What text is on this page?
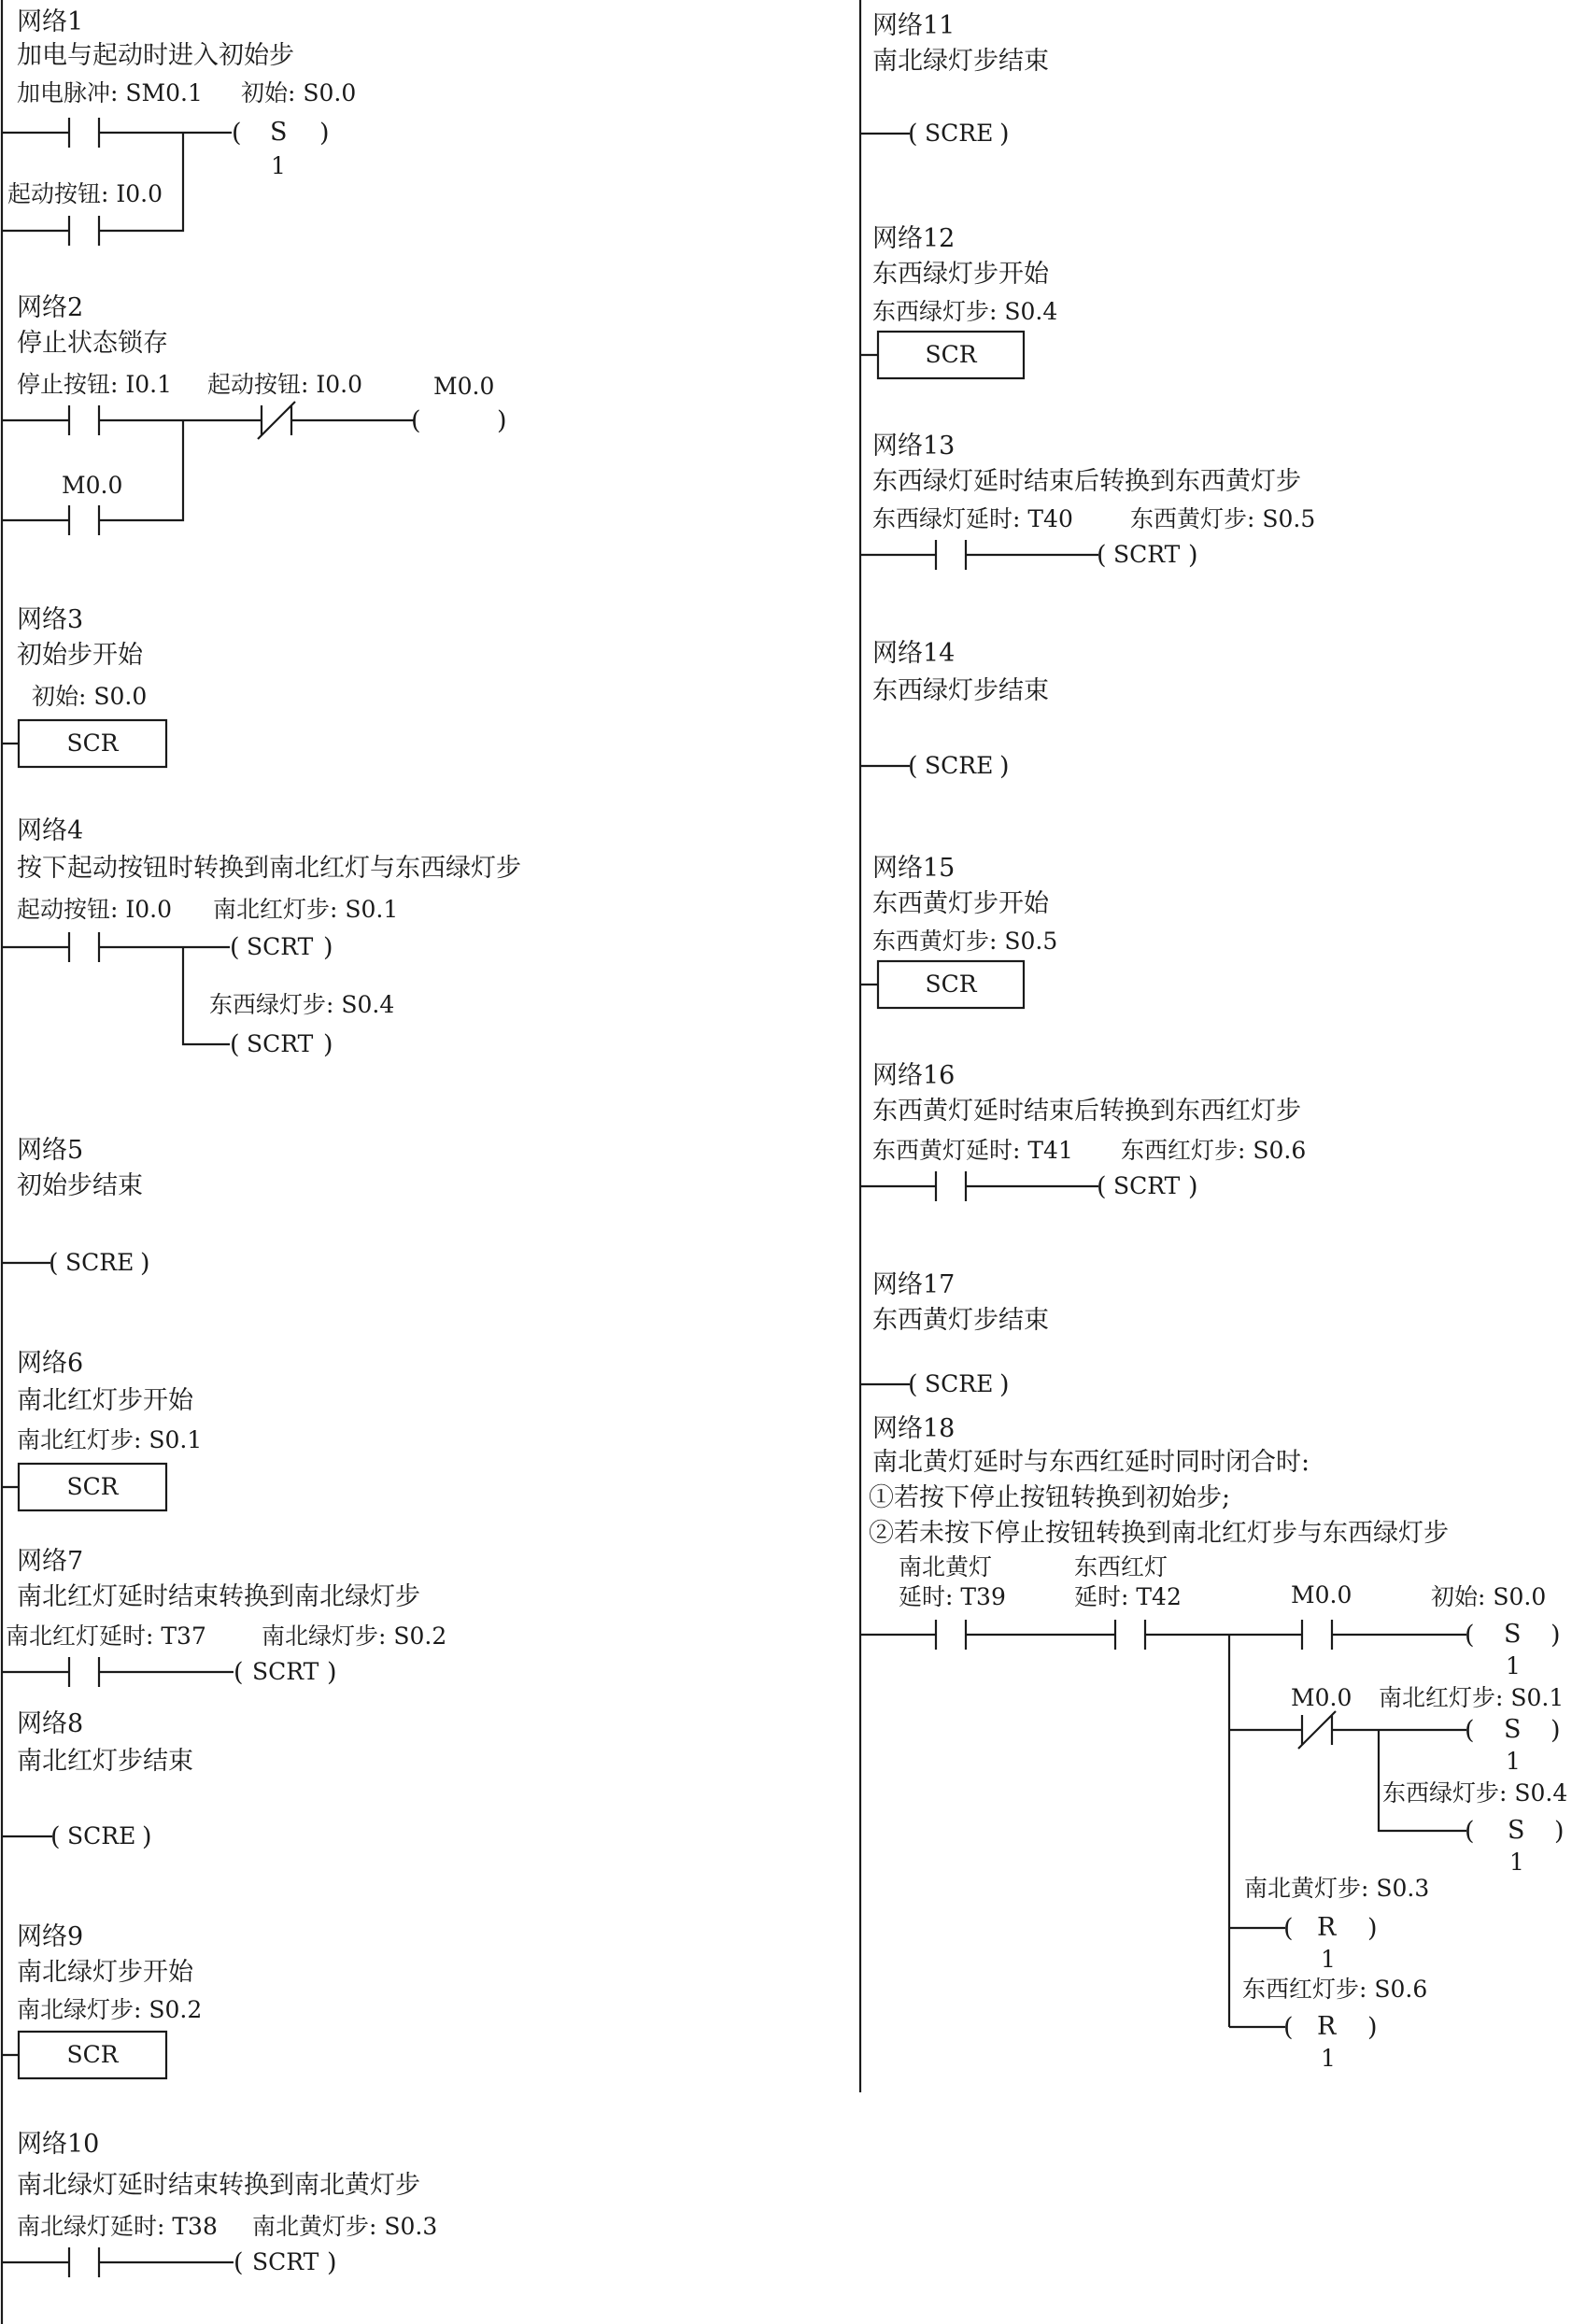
网络1
加电与起动时进入初始步
加电脉冲: SM0.1 初始: S0.0
起动按钮: I0.0
(	)
S
1
网络2
停止状态锁存
停止按钮: I0.1 起动按钮: I0.0	M0.0
M0.0
(	)
网络3
初始步开始
初始: S0.0
SCR
网络4
按下起动按钮时转换到南北红灯与东西绿灯步
起动按钮: I0.0 南北红灯步: S0.1
( SCRT )
东西绿灯步: S0.4
( SCRT )
网络5
初始步结束
( SCRE )
网络6
南北红灯步开始
南北红灯步: S0.1
SCR
网络7
南北红灯延时结束转换到南北绿灯步
南北红灯延时: T37 南北绿灯步: S0.2
( SCRT )
网络8
南北红灯步结束
( SCRE )
网络9
南北绿灯步开始
南北绿灯步: S0.2
SCR
网络10
南北绿灯延时结束转换到南北黄灯步
南北绿灯延时: T38 南北黄灯步: S0.3
( SCRT )
网络11
南北绿灯步结束
( SCRE )
网络12
东西绿灯步开始
东西绿灯步: S0.4
SCR
网络13
东西绿灯延时结束后转换到东西黄灯步
东西绿灯延时: T40 东西黄灯步: S0.5
( SCRT )
网络14
东西绿灯步结束
( SCRE )
网络15
东西黄灯步开始
东西黄灯步: S0.5
SCR
网络16
东西黄灯延时结束后转换到东西红灯步
东西黄灯延时: T41 东西红灯步: S0.6
( SCRT )
网络17
东西黄灯步结束
( SCRE )
网络18
南北黄灯延时与东西红延时同时闭合时:
①若按下停止按钮转换到初始步;
②若未按下停止按钮转换到南北红灯步与东西绿灯步
南北黄灯
延时: T39
东西红灯
延时: T42	M0.0	初始: S0.0
( S )
1
M0.0 南北红灯步: S0.1
( S )
1
东西绿灯步: S0.4
( S )
1
南北黄灯步: S0.3
( R )
1
东西红灯步: S0.6
( R )
1
